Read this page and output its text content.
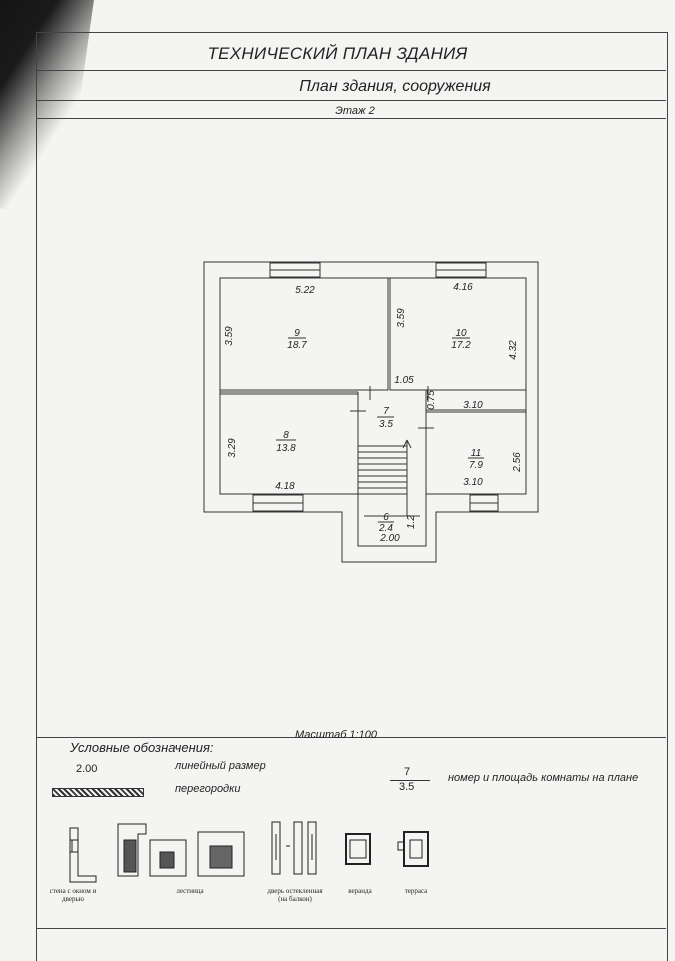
ТЕХНИЧЕСКИЙ ПЛАН ЗДАНИЯ
План здания, сооружения
Этаж 2
9
18.7
10
17.2
7
3.5
8
13.8	11
7.9
6
2.4
5.22	4.16
3.59
3.59
4.32
1.05
0.75	3.10
3.29
4.18	3.10
2.56
1.2
2.00
Масштаб 1:100
Условные обозначения:
2.00	линейный размер
перегородки
7
3.5
номер и площадь комнаты на плане
стена с окном и
дверью
лестница	дверь остекленная
(на балкон)
веранда	терраса
